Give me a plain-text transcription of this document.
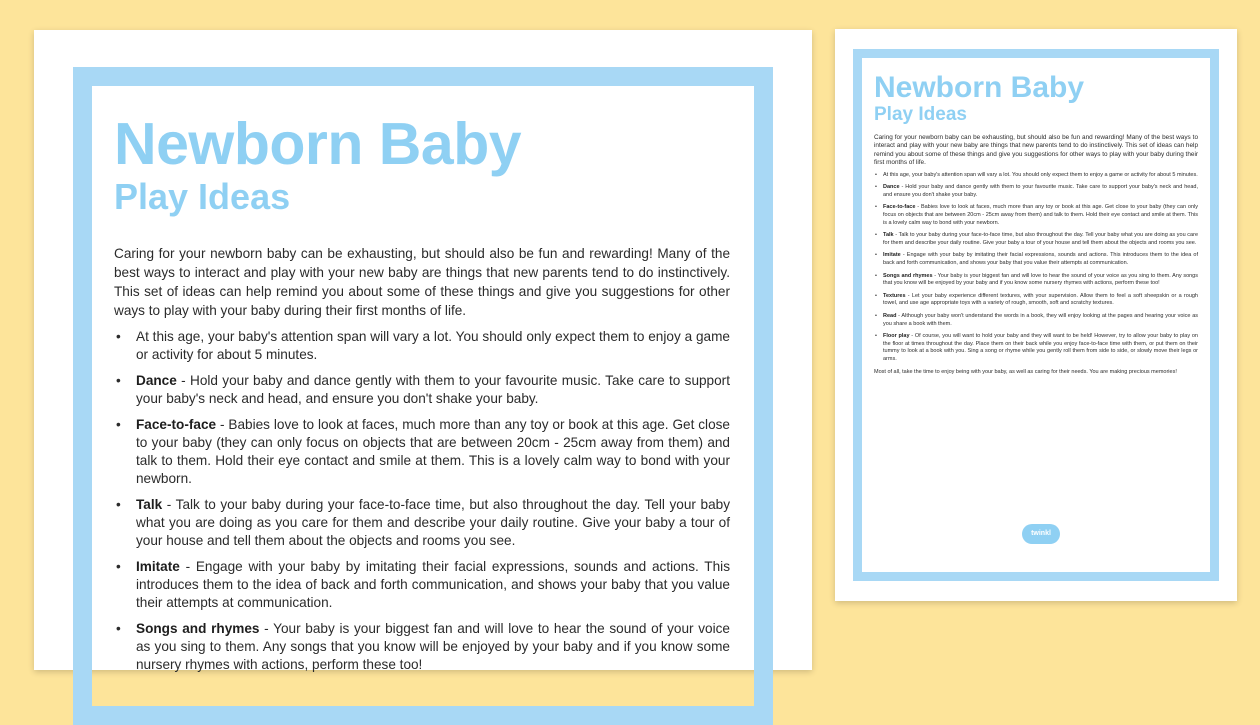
Newborn Baby
Play Ideas

Caring for your newborn baby can be exhausting, but should also be fun and rewarding! Many of the best ways to interact and play with your new baby are things that new parents tend to do instinctively. This set of ideas can help remind you about some of these things and give you suggestions for other ways to play with your baby during their first months of life.

• At this age, your baby's attention span will vary a lot. You should only expect them to enjoy a game or activity for about 5 minutes.
• Dance - Hold your baby and dance gently with them to your favourite music. Take care to support your baby's neck and head, and ensure you don't shake your baby.
• Face-to-face - Babies love to look at faces, much more than any toy or book at this age. Get close to your baby (they can only focus on objects that are between 20cm - 25cm away from them) and talk to them. Hold their eye contact and smile at them. This is a lovely calm way to bond with your newborn.
• Talk - Talk to your baby during your face-to-face time, but also throughout the day. Tell your baby what you are doing as you care for them and describe your daily routine. Give your baby a tour of your house and tell them about the objects and rooms you see.
• Imitate - Engage with your baby by imitating their facial expressions, sounds and actions. This introduces them to the idea of back and forth communication, and shows your baby that you value their attempts at communication.
• Songs and rhymes - Your baby is your biggest fan and will love to hear the sound of your voice as you sing to them. Any songs that you know will be enjoyed by your baby and if you know some nursery rhymes with actions, perform these too!
Newborn Baby
Play Ideas

Caring for your newborn baby can be exhausting, but should also be fun and rewarding! Many of the best ways to interact and play with your new baby are things that new parents tend to do instinctively. This set of ideas can help remind you about some of these things and give you suggestions for other ways to play with your baby during their first months of life.

• At this age, your baby's attention span will vary a lot. You should only expect them to enjoy a game or activity for about 5 minutes.
• Dance - Hold your baby and dance gently with them to your favourite music. Take care to support your baby's neck and head, and ensure you don't shake your baby.
• Face-to-face - Babies love to look at faces, much more than any toy or book at this age. Get close to your baby (they can only focus on objects that are between 20cm - 25cm away from them) and talk to them. Hold their eye contact and smile at them. This is a lovely calm way to bond with your newborn.
• Talk - Talk to your baby during your face-to-face time, but also throughout the day. Tell your baby what you are doing as you care for them and describe your daily routine. Give your baby a tour of your house and tell them about the objects and rooms you see.
• Imitate - Engage with your baby by imitating their facial expressions, sounds and actions. This introduces them to the idea of back and forth communication, and shows your baby that you value their attempts at communication.
• Songs and rhymes - Your baby is your biggest fan and will love to hear the sound of your voice as you sing to them. Any songs that you know will be enjoyed by your baby and if you know some nursery rhymes with actions, perform these too!
• Textures - Let your baby experience different textures, with your supervision. Allow them to feel a soft sheepskin or a rough towel, and use age appropriate toys with a variety of rough, smooth, soft and scratchy textures.
• Read - Although your baby won't understand the words in a book, they will enjoy looking at the pages and hearing your voice as you share a book with them.
• Floor play - Of course, you will want to hold your baby and they will want to be held! However, try to allow your baby to play on the floor at times throughout the day. Place them on their back while you enjoy face-to-face time with them, or put them on their tummy to look at a book with you. Sing a song or rhyme while you gently roll them from side to side, or slowly move their legs or arms.

Most of all, take the time to enjoy being with your baby, as well as caring for their needs. You are making precious memories!

twinkl
